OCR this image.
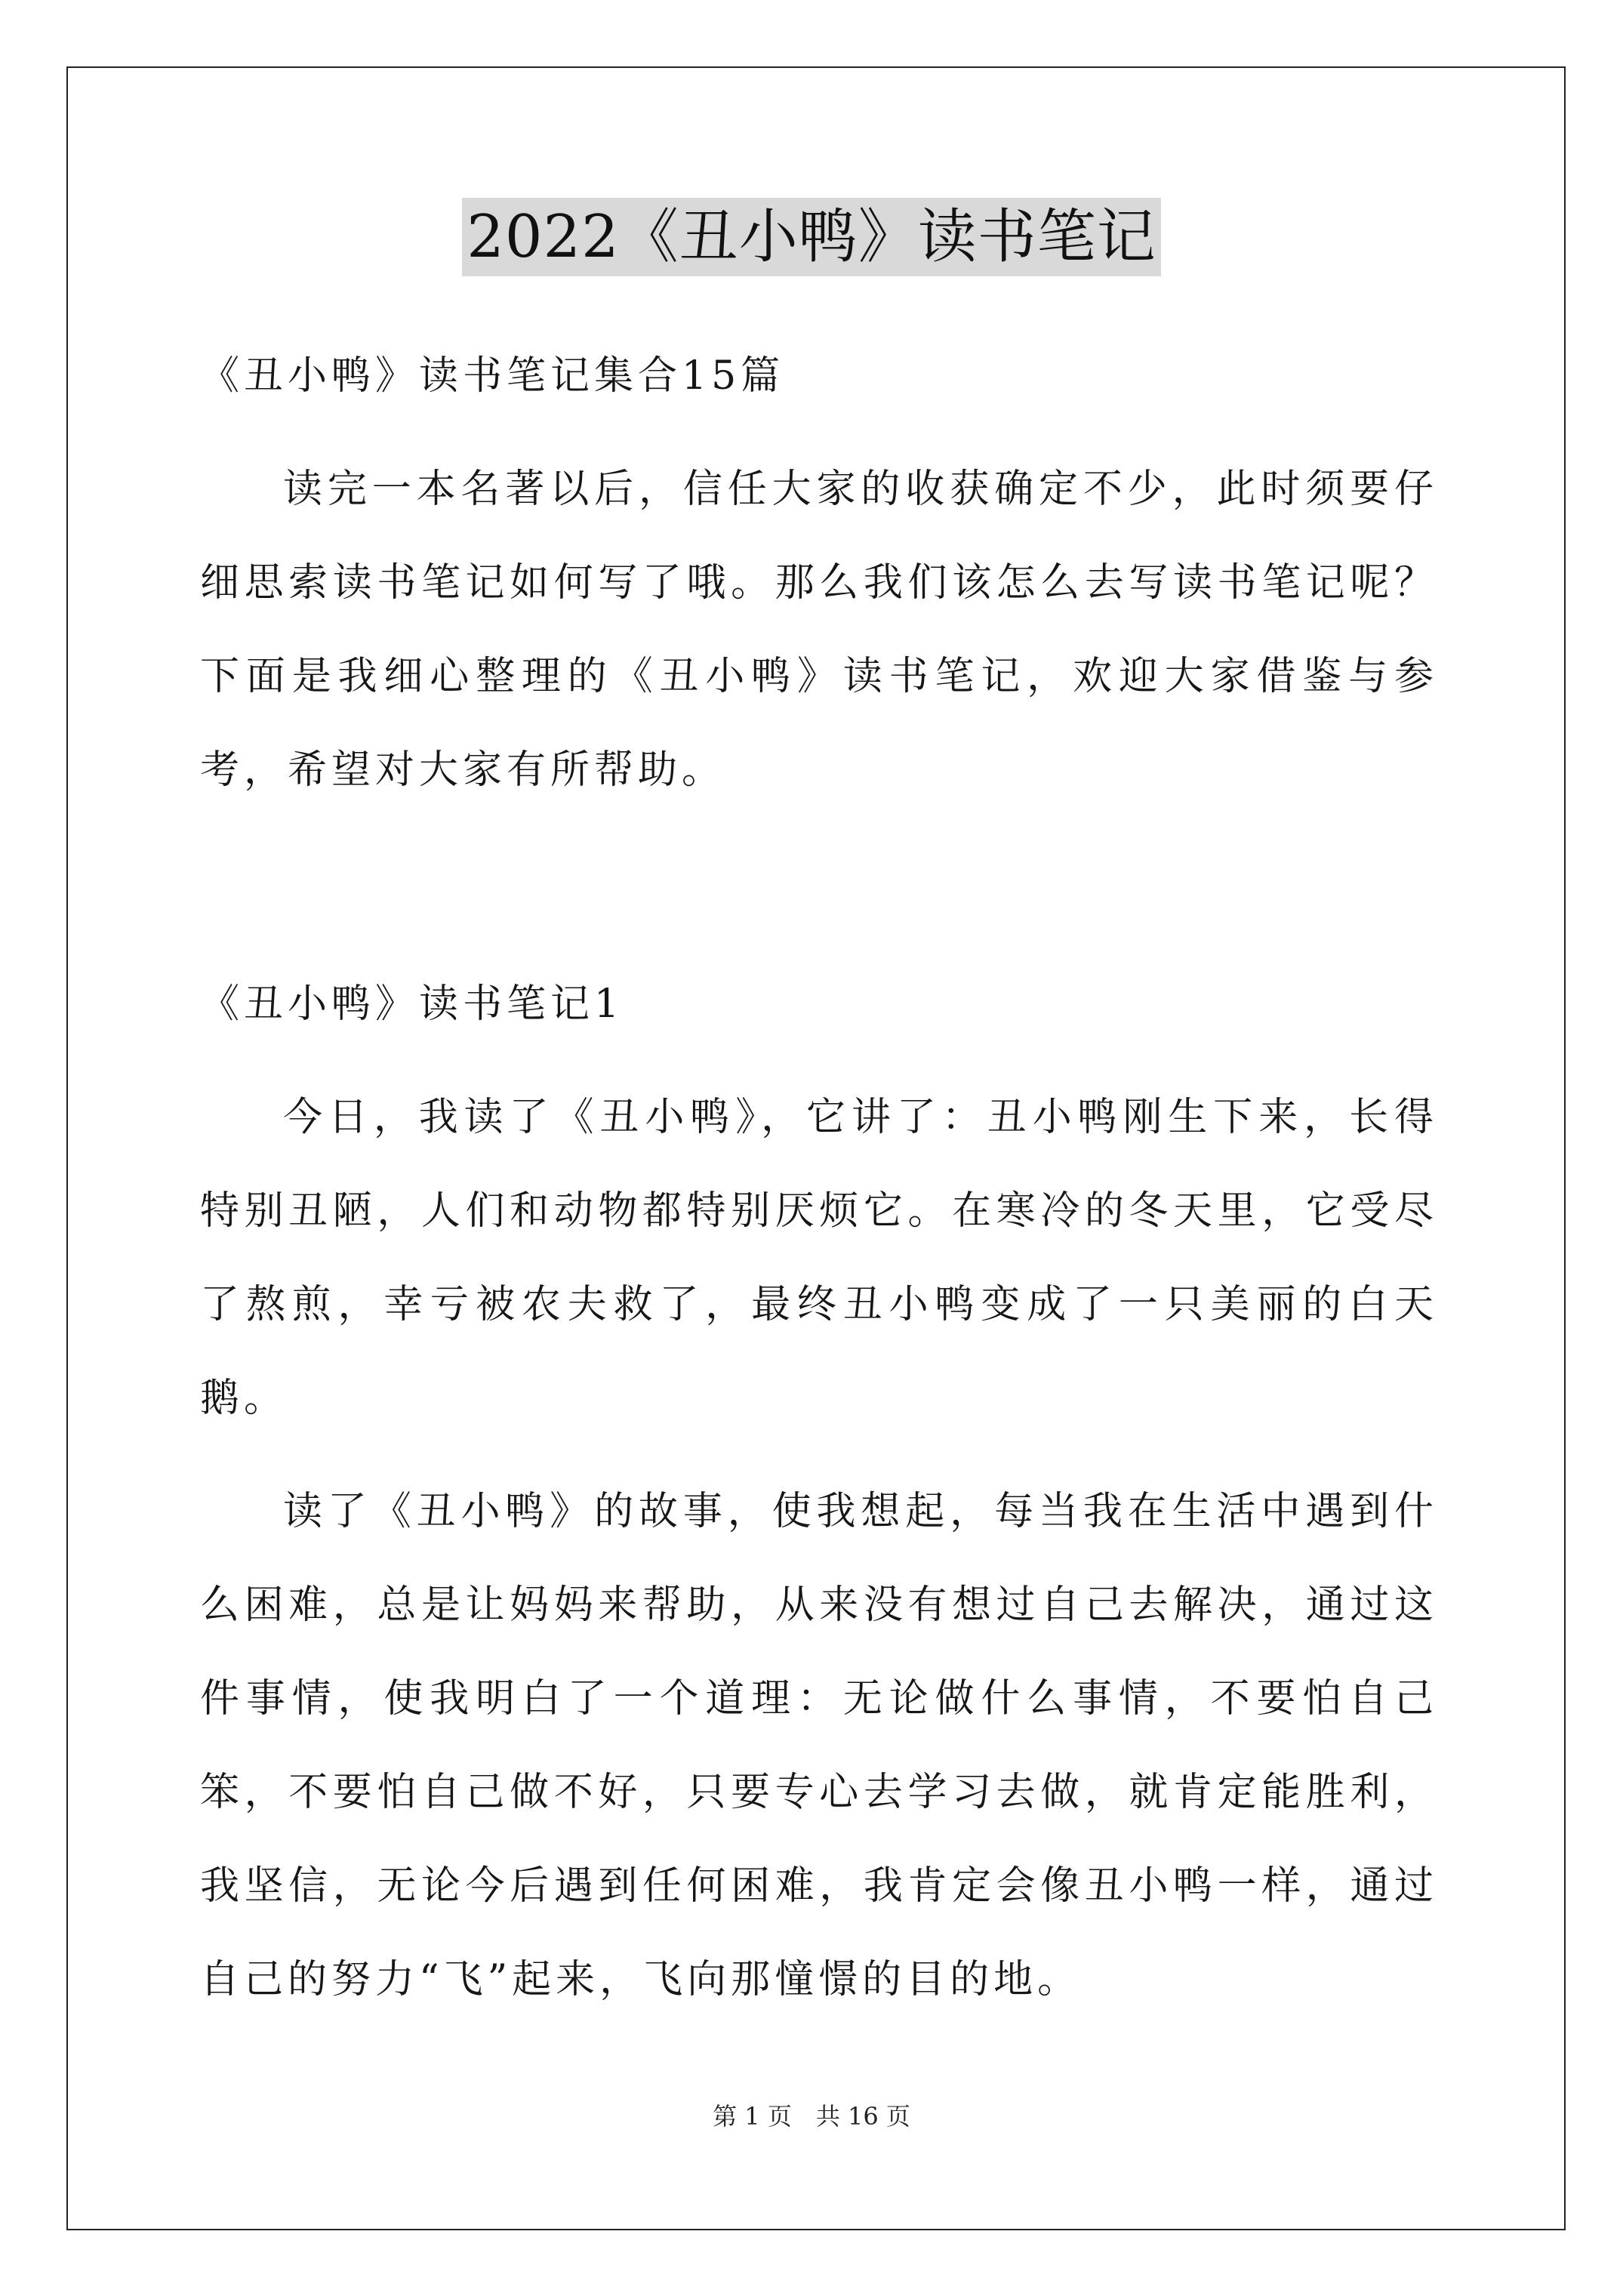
2022《丑小鸭》读书笔记
《丑小鸭》读书笔记集合15篇

读完一本名著以后，信任大家的收获确定不少，此时须要仔细思索读书笔记如何写了哦。那么我们该怎么去写读书笔记呢？下面是我细心整理的《丑小鸭》读书笔记，欢迎大家借鉴与参考，希望对大家有所帮助。

《丑小鸭》读书笔记1

今日，我读了《丑小鸭》，它讲了：丑小鸭刚生下来，长得特别丑陋，人们和动物都特别厌烦它。在寒冷的冬天里，它受尽了熬煎，幸亏被农夫救了，最终丑小鸭变成了一只美丽的白天鹅。

读了《丑小鸭》的故事，使我想起，每当我在生活中遇到什么困难，总是让妈妈来帮助，从来没有想过自己去解决，通过这件事情，使我明白了一个道理：无论做什么事情，不要怕自己笨，不要怕自己做不好，只要专心去学习去做，就肯定能胜利，我坚信，无论今后遇到任何困难，我肯定会像丑小鸭一样，通过自己的努力“飞”起来，飞向那憧憬的目的地。

第 1 页　共 16 页
